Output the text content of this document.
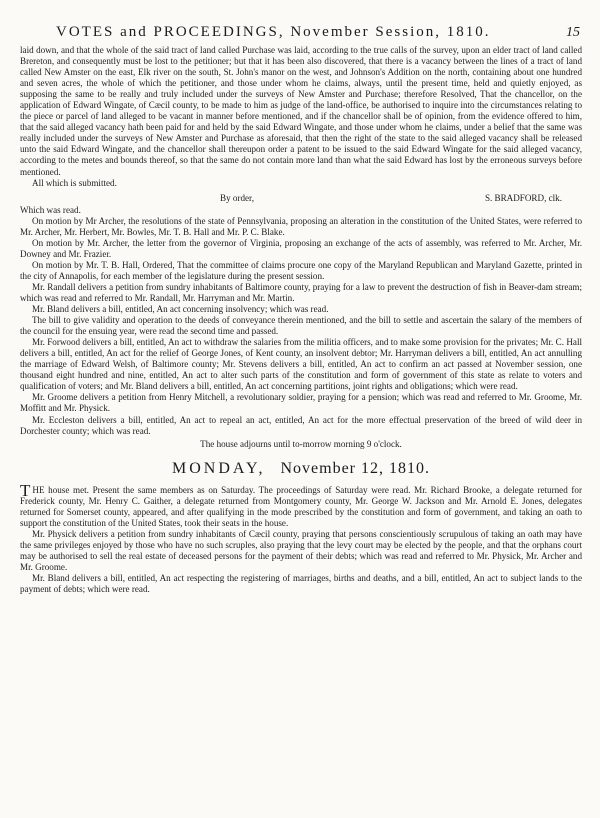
VOTES and PROCEEDINGS, November Session, 1810.	15

laid down, and that the whole of the said tract of land called Purchase was laid, according to the true calls of the survey, upon an elder tract of land called Brereton, and consequently must be lost to the petitioner; but that it has been also discovered, that there is a vacancy between the lines of a tract of land called New Amster on the east, Elk river on the south, St. John's manor on the west, and Johnson's Addition on the north, containing about one hundred and seven acres, the whole of which the petitioner, and those under whom he claims, always, until the present time, held and quietly enjoyed, as supposing the same to be really and truly included under the surveys of New Amster and Purchase; therefore Resolved, That the chancellor, on the application of Edward Wingate, of Cæcil county, to be made to him as judge of the land-office, be authorised to inquire into the circumstances relating to the piece or parcel of land alleged to be vacant in manner before mentioned, and if the chancellor shall be of opinion, from the evidence offered to him, that the said alleged vacancy hath been paid for and held by the said Edward Wingate, and those under whom he claims, under a belief that the same was really included under the surveys of New Amster and Purchase as aforesaid, that then the right of the state to the said alleged vacancy shall be released unto the said Edward Wingate, and the chancellor shall thereupon order a patent to be issued to the said Edward Wingate for the said alleged vacancy, according to the metes and bounds thereof, so that the same do not contain more land than what the said Edward has lost by the erroneous surveys before mentioned.

All which is submitted.

By order,	S. BRADFORD, clk.

Which was read.

On motion by Mr Archer, the resolutions of the state of Pennsylvania, proposing an alteration in the constitution of the United States, were referred to Mr. Archer, Mr. Herbert, Mr. Bowles, Mr. T. B. Hall and Mr. P. C. Blake.

On motion by Mr. Archer, the letter from the governor of Virginia, proposing an exchange of the acts of assembly, was referred to Mr. Archer, Mr. Downey and Mr. Frazier.

On motion by Mr. T. B. Hall, Ordered, That the committee of claims procure one copy of the Maryland Republican and Maryland Gazette, printed in the city of Annapolis, for each member of the legislature during the present session.

Mr. Randall delivers a petition from sundry inhabitants of Baltimore county, praying for a law to prevent the destruction of fish in Beaver-dam stream; which was read and referred to Mr. Randall, Mr. Harryman and Mr. Martin.

Mr. Bland delivers a bill, entitled, An act concerning insolvency; which was read.

The bill to give validity and operation to the deeds of conveyance therein mentioned, and the bill to settle and ascertain the salary of the members of the council for the ensuing year, were read the second time and passed.

Mr. Forwood delivers a bill, entitled, An act to withdraw the salaries from the militia officers, and to make some provision for the privates; Mr. C. Hall delivers a bill, entitled, An act for the relief of George Jones, of Kent county, an insolvent debtor; Mr. Harryman delivers a bill, entitled, An act annulling the marriage of Edward Welsh, of Baltimore county; Mr. Stevens delivers a bill, entitled, An act to confirm an act passed at November session, one thousand eight hundred and nine, entitled, An act to alter such parts of the constitution and form of government of this state as relate to voters and qualification of voters; and Mr. Bland delivers a bill, entitled, An act concerning partitions, joint rights and obligations; which were read.

Mr. Groome delivers a petition from Henry Mitchell, a revolutionary soldier, praying for a pension; which was read and referred to Mr. Groome, Mr. Moffitt and Mr. Physick.

Mr. Eccleston delivers a bill, entitled, An act to repeal an act, entitled, An act for the more effectual preservation of the breed of wild deer in Dorchester county; which was read.

The house adjourns until to-morrow morning 9 o'clock.
MONDAY, November 12, 1810.

THE house met. Present the same members as on Saturday. The proceedings of Saturday were read. Mr. Richard Brooke, a delegate returned for Frederick county, Mr. Henry C. Gaither, a delegate returned from Montgomery county, Mr. George W. Jackson and Mr. Arnold E. Jones, delegates returned for Somerset county, appeared, and after qualifying in the mode prescribed by the constitution and form of government, and taking an oath to support the constitution of the United States, took their seats in the house.

Mr. Physick delivers a petition from sundry inhabitants of Cæcil county, praying that persons conscientiously scrupulous of taking an oath may have the same privileges enjoyed by those who have no such scruples, also praying that the levy court may be elected by the people, and that the orphans court may be authorised to sell the real estate of deceased persons for the payment of their debts; which was read and referred to Mr. Physick, Mr. Archer and Mr. Groome.

Mr. Bland delivers a bill, entitled, An act respecting the registering of marriages, births and deaths, and a bill, entitled, An act to subject lands to the payment of debts; which were read.
